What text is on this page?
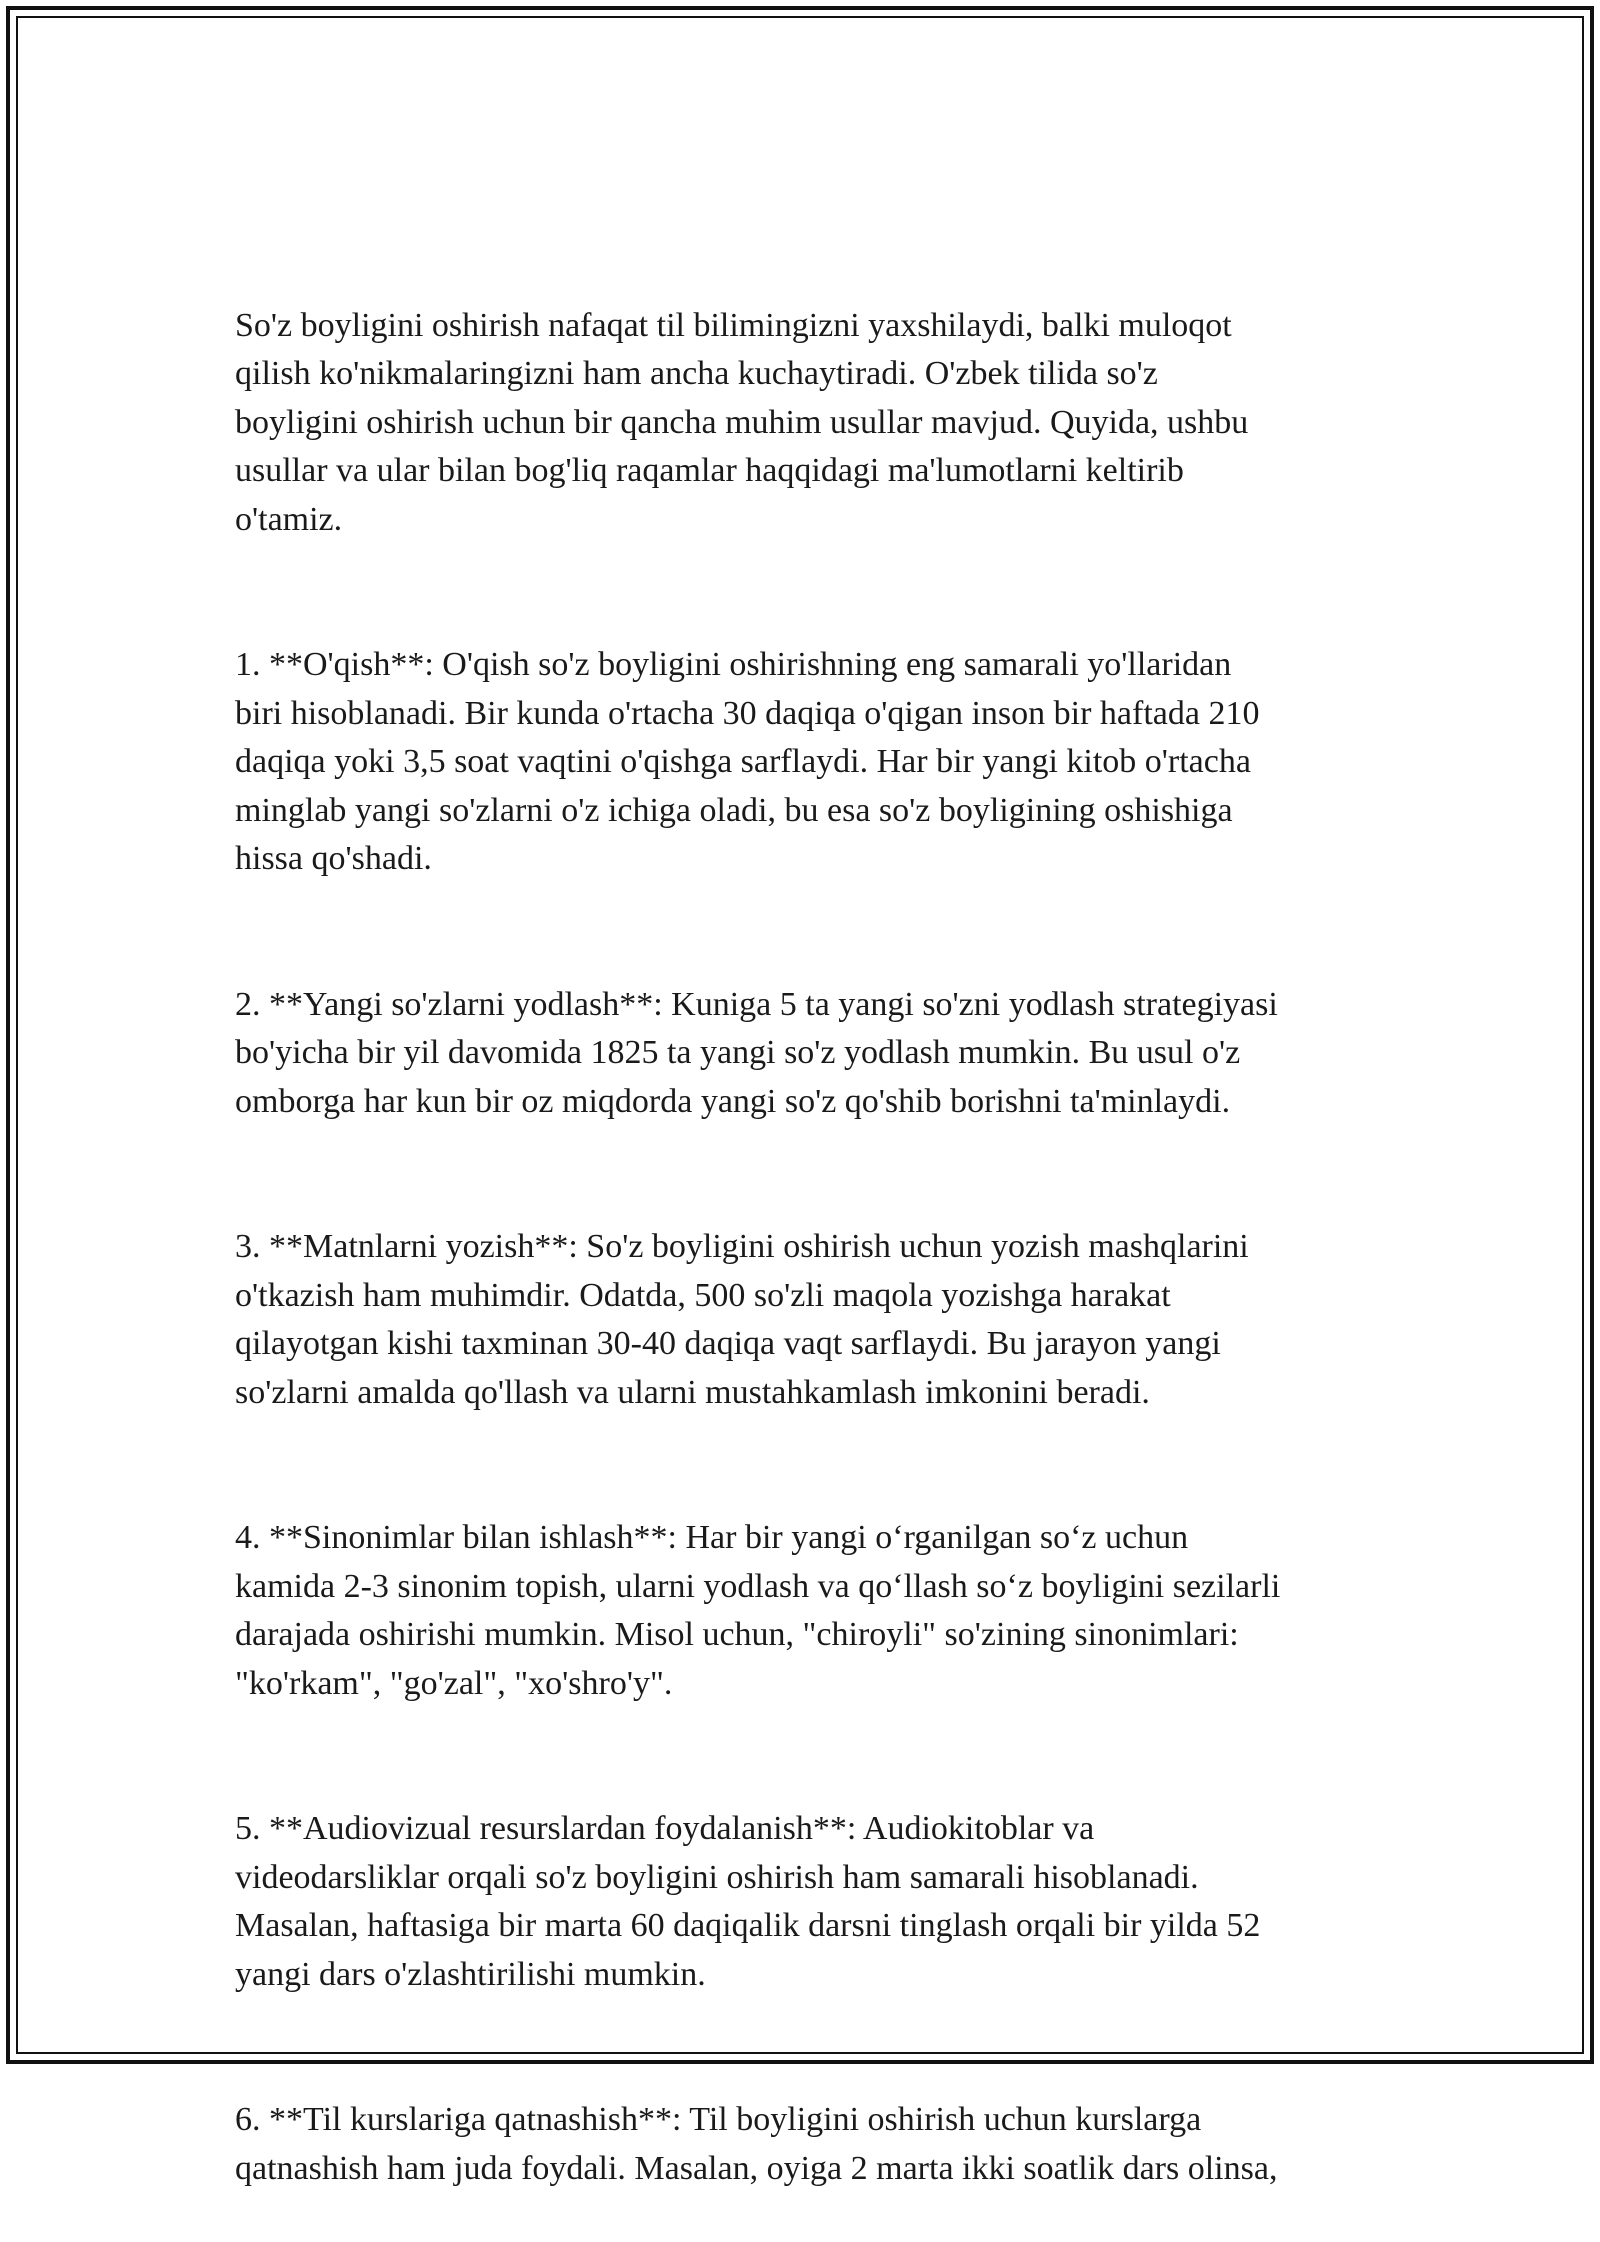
So'z boyligini oshirish nafaqat til bilimingizni yaxshilaydi, balki muloqot
qilish ko'nikmalaringizni ham ancha kuchaytiradi. O'zbek tilida so'z
boyligini oshirish uchun bir qancha muhim usullar mavjud. Quyida, ushbu
usullar va ular bilan bog'liq raqamlar haqqidagi ma'lumotlarni keltirib
o'tamiz.

1. **O'qish**: O'qish so'z boyligini oshirishning eng samarali yo'llaridan
biri hisoblanadi. Bir kunda o'rtacha 30 daqiqa o'qigan inson bir haftada 210
daqiqa yoki 3,5 soat vaqtini o'qishga sarflaydi. Har bir yangi kitob o'rtacha
minglab yangi so'zlarni o'z ichiga oladi, bu esa so'z boyligining oshishiga
hissa qo'shadi.

2. **Yangi so'zlarni yodlash**: Kuniga 5 ta yangi so'zni yodlash strategiyasi
bo'yicha bir yil davomida 1825 ta yangi so'z yodlash mumkin. Bu usul o'z
omborga har kun bir oz miqdorda yangi so'z qo'shib borishni ta'minlaydi.

3. **Matnlarni yozish**: So'z boyligini oshirish uchun yozish mashqlarini
o'tkazish ham muhimdir. Odatda, 500 so'zli maqola yozishga harakat
qilayotgan kishi taxminan 30-40 daqiqa vaqt sarflaydi. Bu jarayon yangi
so'zlarni amalda qo'llash va ularni mustahkamlash imkonini beradi.

4. **Sinonimlar bilan ishlash**: Har bir yangi o‘rganilgan so‘z uchun
kamida 2-3 sinonim topish, ularni yodlash va qo‘llash so‘z boyligini sezilarli
darajada oshirishi mumkin. Misol uchun, "chiroyli" so'zining sinonimlari:
"ko'rkam", "go'zal", "xo'shro'y".

5. **Audiovizual resurslardan foydalanish**: Audiokitoblar va
videodarsliklar orqali so'z boyligini oshirish ham samarali hisoblanadi.
Masalan, haftasiga bir marta 60 daqiqalik darsni tinglash orqali bir yilda 52
yangi dars o'zlashtirilishi mumkin.

6. **Til kurslariga qatnashish**: Til boyligini oshirish uchun kurslarga
qatnashish ham juda foydali. Masalan, oyiga 2 marta ikki soatlik dars olinsa,
